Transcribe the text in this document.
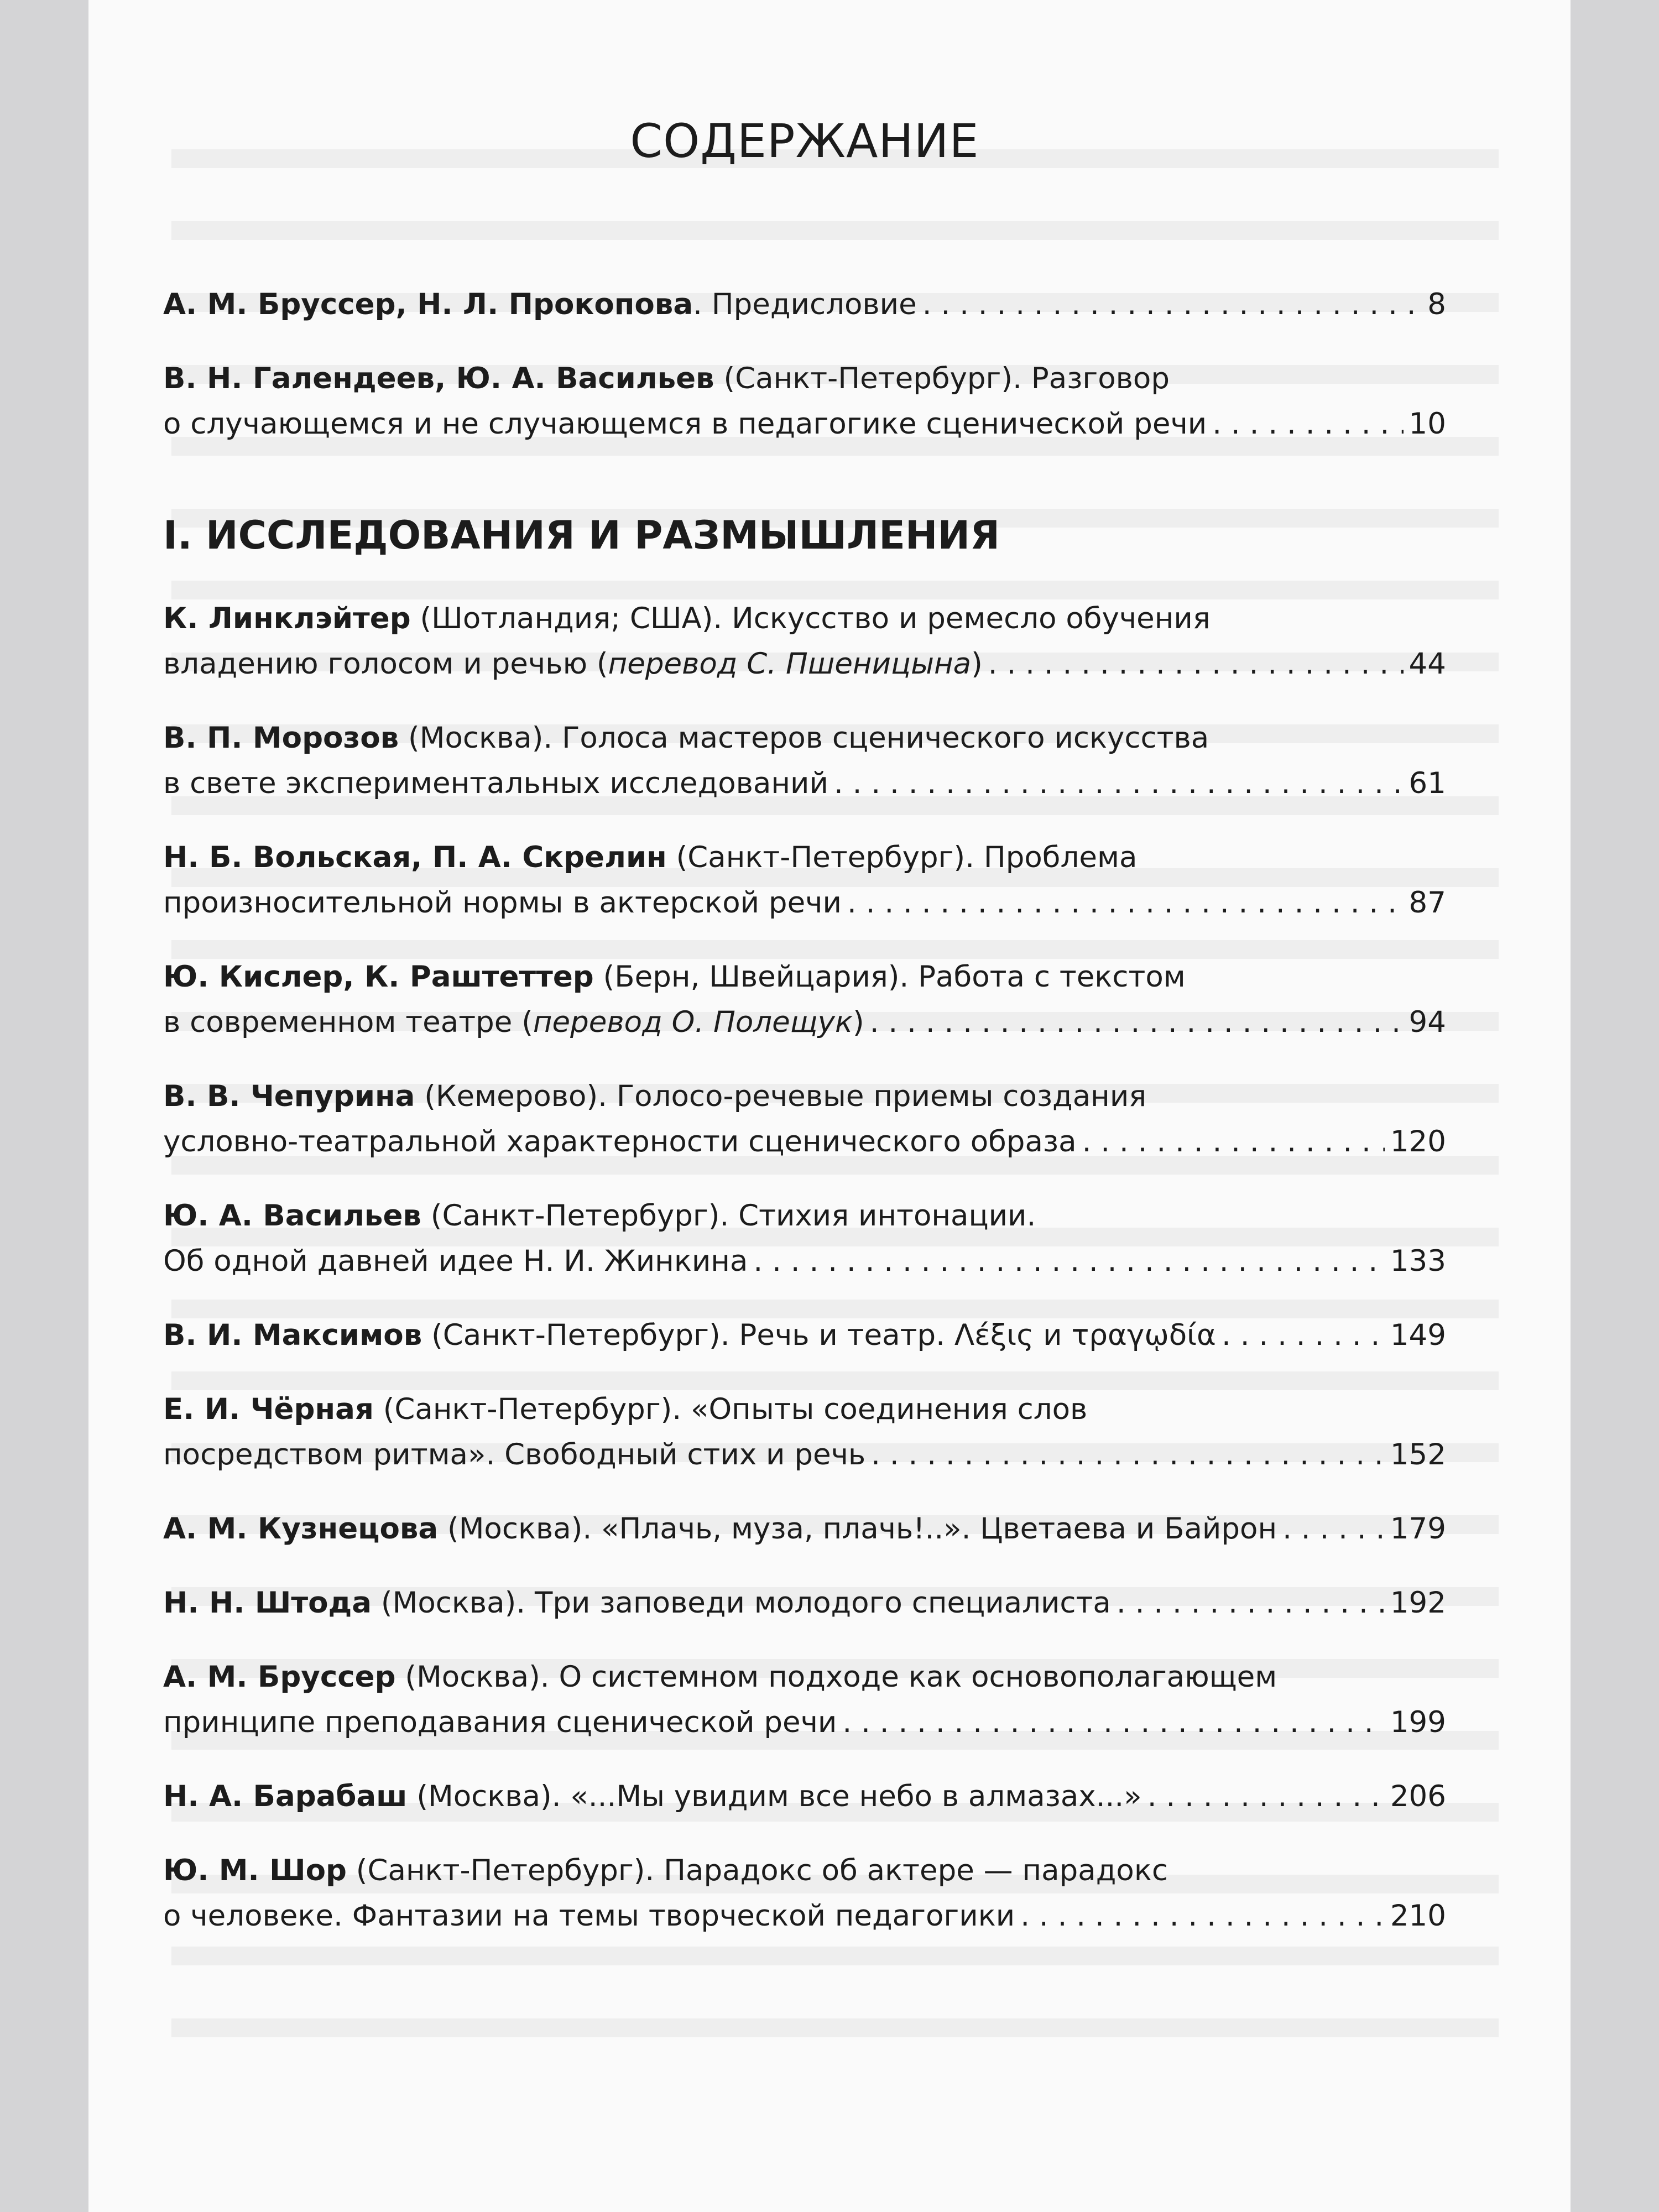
СОДЕРЖАНИЕ
А. М. Бруссер, Н. Л. Прокопова. Предисловие . . .	8
В. Н. Галендеев, Ю. А. Васильев (Санкт-Петербург). Разговор
о случающемся и не случающемся в педагогике сценической речи . . .	10
I. ИССЛЕДОВАНИЯ И РАЗМЫШЛЕНИЯ
К. Линклэйтер (Шотландия; США). Искусство и ремесло обучения
владению голосом и речью (перевод С. Пшеницына) . . .	44
В. П. Морозов (Москва). Голоса мастеров сценического искусства
в свете экспериментальных исследований . . .	61
Н. Б. Вольская, П. А. Скрелин (Санкт-Петербург). Проблема
произносительной нормы в актерской речи . . .	87
Ю. Кислер, К. Раштеттер (Берн, Швейцария). Работа с текстом
в современном театре (перевод О. Полещук) . . .	94
В. В. Чепурина (Кемерово). Голосо-речевые приемы создания
условно-театральной характерности сценического образа . . .	120
Ю. А. Васильев (Санкт-Петербург). Стихия интонации.
Об одной давней идее Н. И. Жинкина . . .	133
В. И. Максимов (Санкт-Петербург). Речь и театр. Λέξις и τραγῳδία . . .	149
Е. И. Чёрная (Санкт-Петербург). «Опыты соединения слов
посредством ритма». Свободный стих и речь . . .	152
А. М. Кузнецова (Москва). «Плачь, муза, плачь!..». Цветаева и Байрон . . .	179
Н. Н. Штода (Москва). Три заповеди молодого специалиста . . .	192
А. М. Бруссер (Москва). О системном подходе как основополагающем
принципе преподавания сценической речи . . .	199
Н. А. Барабаш (Москва). «...Мы увидим все небо в алмазах...» . . .	206
Ю. М. Шор (Санкт-Петербург). Парадокс об актере — парадокс
о человеке. Фантазии на темы творческой педагогики . . .	210
